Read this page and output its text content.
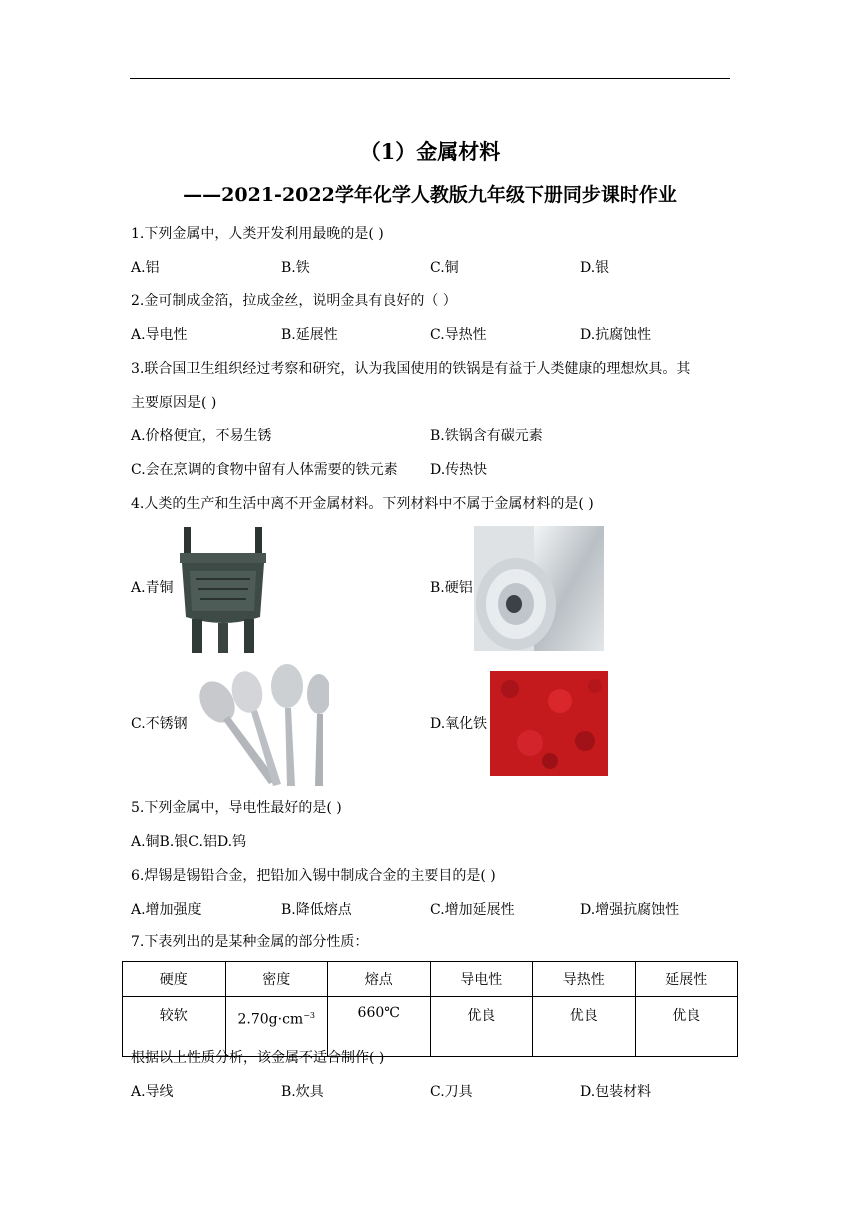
（1）金属材料
——2021-2022学年化学人教版九年级下册同步课时作业
1.下列金属中，人类开发利用最晚的是( )
A.铝	B.铁	C.铜	D.银
2.金可制成金箔，拉成金丝，说明金具有良好的（ ）
A.导电性	B.延展性	C.导热性	D.抗腐蚀性
3.联合国卫生组织经过考察和研究，认为我国使用的铁锅是有益于人类健康的理想炊具。其
主要原因是( )
A.价格便宜，不易生锈	B.铁锅含有碳元素
C.会在烹调的食物中留有人体需要的铁元素 D.传热快
4.人类的生产和生活中离不开金属材料。下列材料中不属于金属材料的是( )
A.青铜	B.硬铝
C.不锈钢	D.氧化铁
5.下列金属中，导电性最好的是( )
A.铜B.银C.铝D.钨
6.焊锡是锡铅合金，把铅加入锡中制成合金的主要目的是( )
A.增加强度	B.降低熔点	C.增加延展性	D.增强抗腐蚀性
7.下表列出的是某种金属的部分性质：
硬度	密度	熔点	导电性	导热性	延展性
较软	$2.70g\cdot cm^{-3}$	660℃	优良	优良	优良
根据以上性质分析，该金属不适合制作( )
A.导线	B.炊具	C.刀具	D.包装材料
